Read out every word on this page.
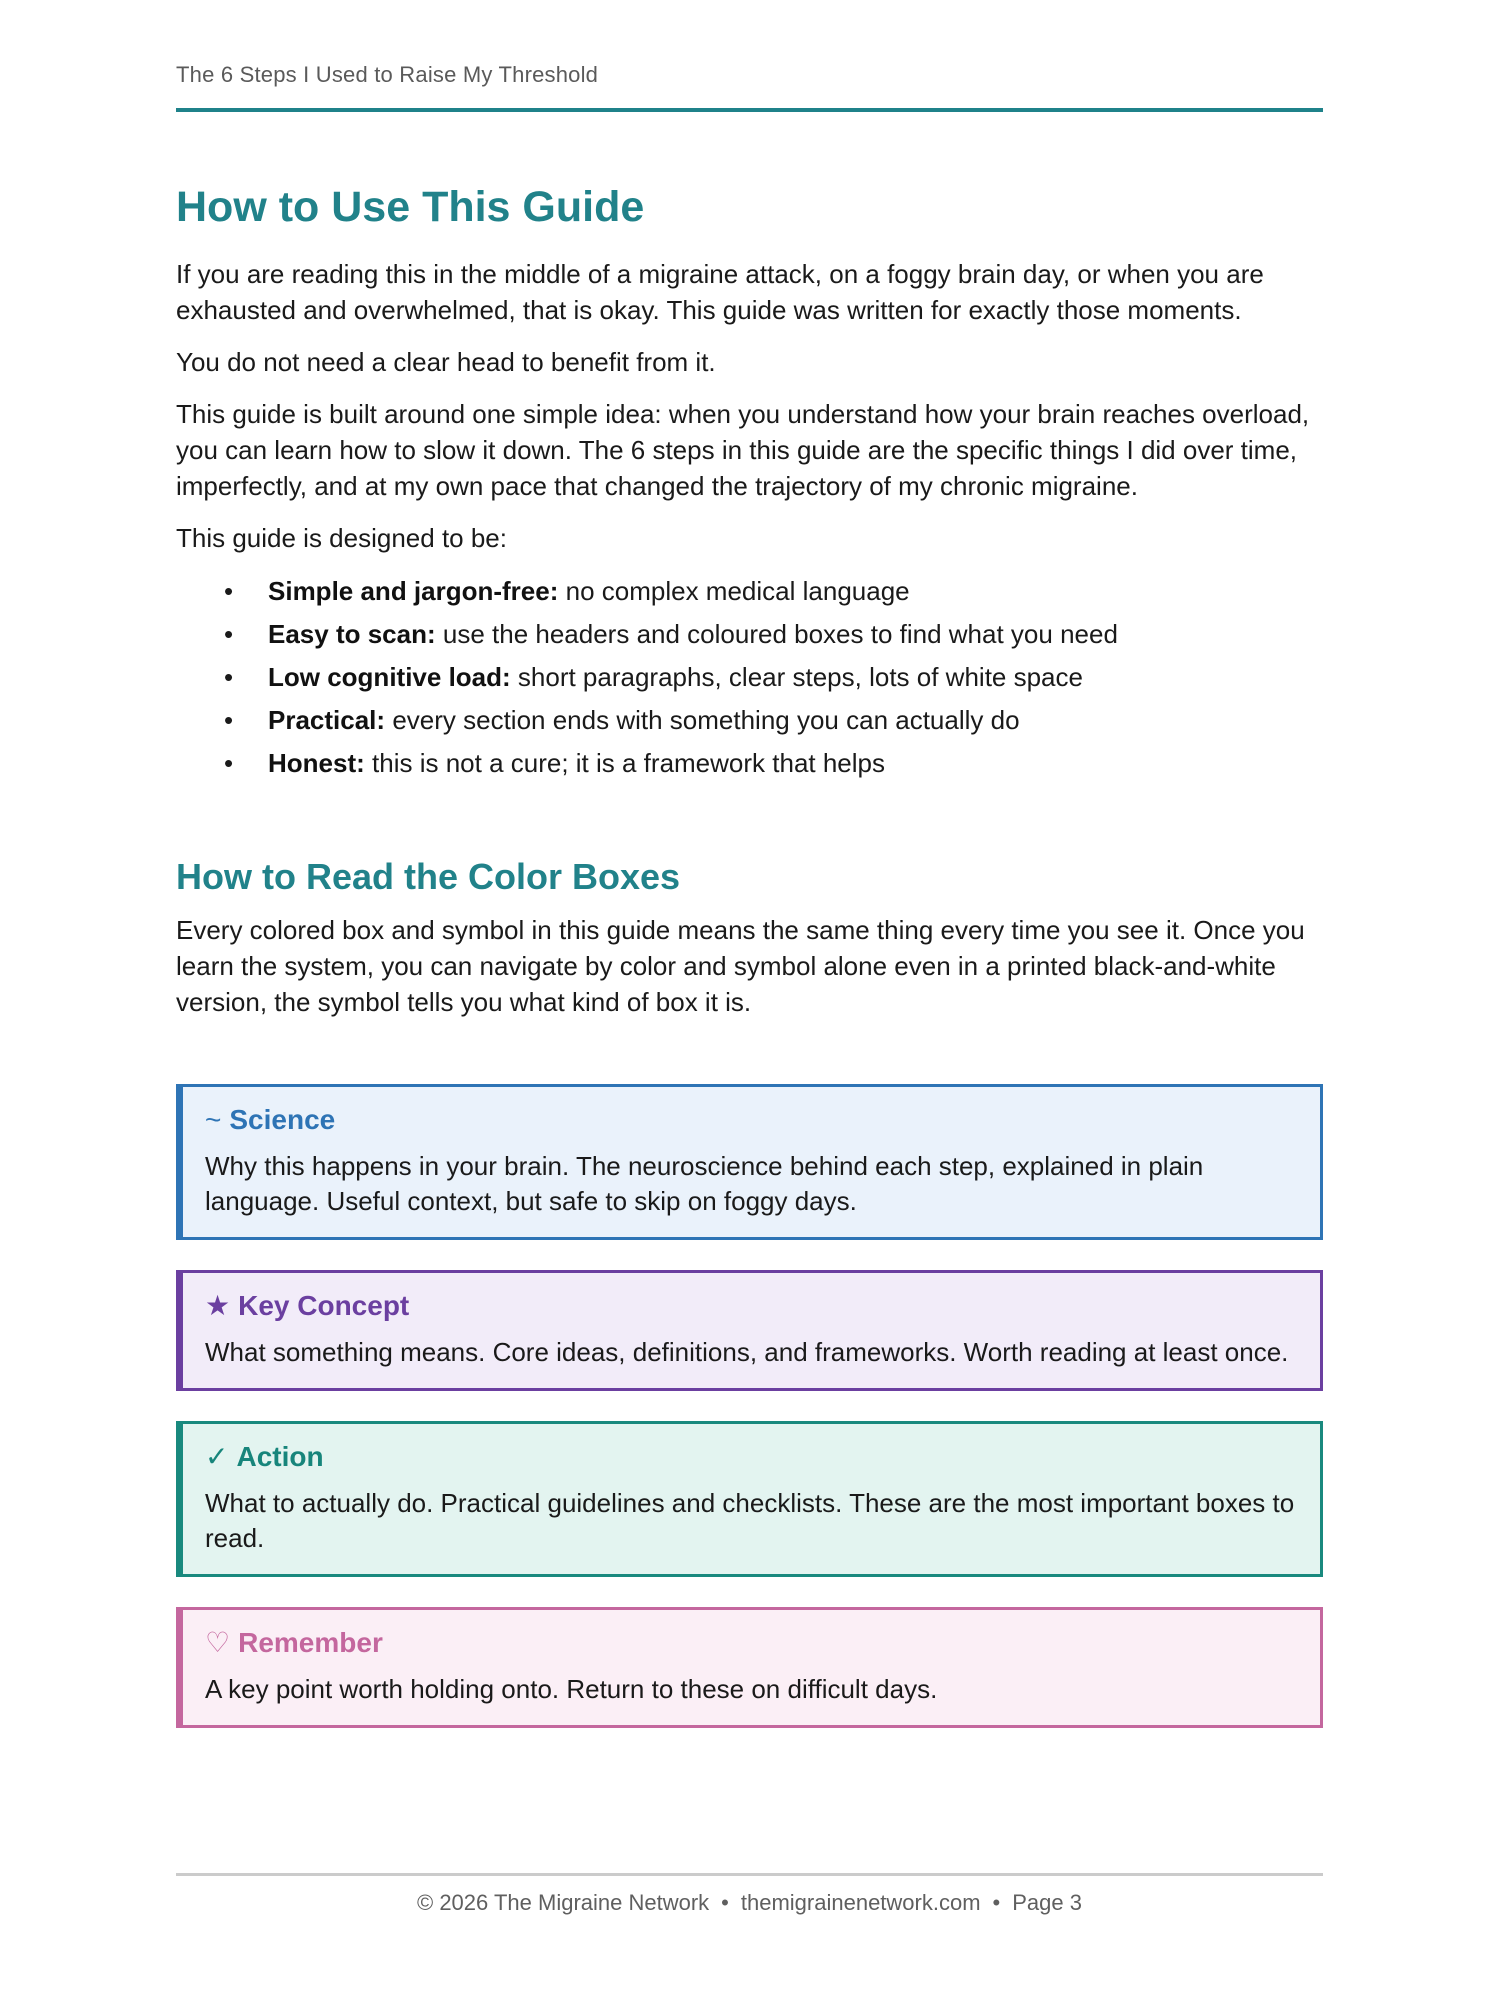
The 6 Steps I Used to Raise My Threshold
How to Use This Guide

If you are reading this in the middle of a migraine attack, on a foggy brain day, or when you are exhausted and overwhelmed, that is okay. This guide was written for exactly those moments.

You do not need a clear head to benefit from it.

This guide is built around one simple idea: when you understand how your brain reaches overload, you can learn how to slow it down. The 6 steps in this guide are the specific things I did over time, imperfectly, and at my own pace that changed the trajectory of my chronic migraine.

This guide is designed to be:

• Simple and jargon-free: no complex medical language
• Easy to scan: use the headers and coloured boxes to find what you need
• Low cognitive load: short paragraphs, clear steps, lots of white space
• Practical: every section ends with something you can actually do
• Honest: this is not a cure; it is a framework that helps
How to Read the Color Boxes

Every colored box and symbol in this guide means the same thing every time you see it. Once you learn the system, you can navigate by color and symbol alone even in a printed black-and-white version, the symbol tells you what kind of box it is.

~ Science
Why this happens in your brain. The neuroscience behind each step, explained in plain language. Useful context, but safe to skip on foggy days.
★ Key Concept
What something means. Core ideas, definitions, and frameworks. Worth reading at least once.
✓ Action
What to actually do. Practical guidelines and checklists. These are the most important boxes to read.
♡ Remember
A key point worth holding onto. Return to these on difficult days.
© 2026 The Migraine Network • themigrainenetwork.com • Page 3
